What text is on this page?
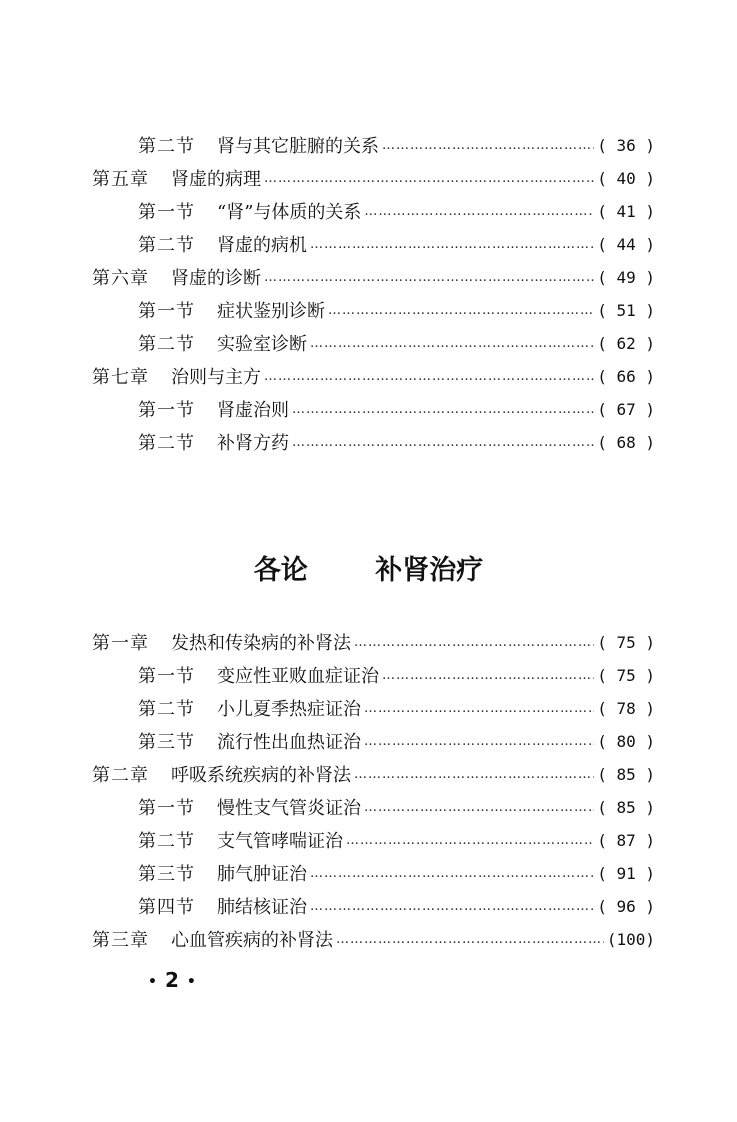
第二节 肾与其它脏腑的关系 ………………………………………………………………………………………………………………………………………………………………	( 36 )
第五章 肾虚的病理 ………………………………………………………………………………………………………………………………………………………………	( 40 )
第一节 “肾”与体质的关系 ………………………………………………………………………………………………………………………………………………………………	( 41 )
第二节 肾虚的病机 ………………………………………………………………………………………………………………………………………………………………	( 44 )
第六章 肾虚的诊断 ………………………………………………………………………………………………………………………………………………………………	( 49 )
第一节 症状鉴别诊断 ………………………………………………………………………………………………………………………………………………………………	( 51 )
第二节 实验室诊断 ………………………………………………………………………………………………………………………………………………………………	( 62 )
第七章 治则与主方 ………………………………………………………………………………………………………………………………………………………………	( 66 )
第一节 肾虚治则 ………………………………………………………………………………………………………………………………………………………………	( 67 )
第二节 补肾方药 ………………………………………………………………………………………………………………………………………………………………	( 68 )
各论 补肾治疗
第一章 发热和传染病的补肾法 ………………………………………………………………………………………………………………………………………………………………	( 75 )
第一节 变应性亚败血症证治 ………………………………………………………………………………………………………………………………………………………………	( 75 )
第二节 小儿夏季热症证治 ………………………………………………………………………………………………………………………………………………………………	( 78 )
第三节 流行性出血热证治 ………………………………………………………………………………………………………………………………………………………………	( 80 )
第二章 呼吸系统疾病的补肾法 ………………………………………………………………………………………………………………………………………………………………	( 85 )
第一节 慢性支气管炎证治 ………………………………………………………………………………………………………………………………………………………………	( 85 )
第二节 支气管哮喘证治 ………………………………………………………………………………………………………………………………………………………………	( 87 )
第三节 肺气肿证治 ………………………………………………………………………………………………………………………………………………………………	( 91 )
第四节 肺结核证治 ………………………………………………………………………………………………………………………………………………………………	( 96 )
第三章 心血管疾病的补肾法 ………………………………………………………………………………………………………………………………………………………………	(100)
• 2 •
